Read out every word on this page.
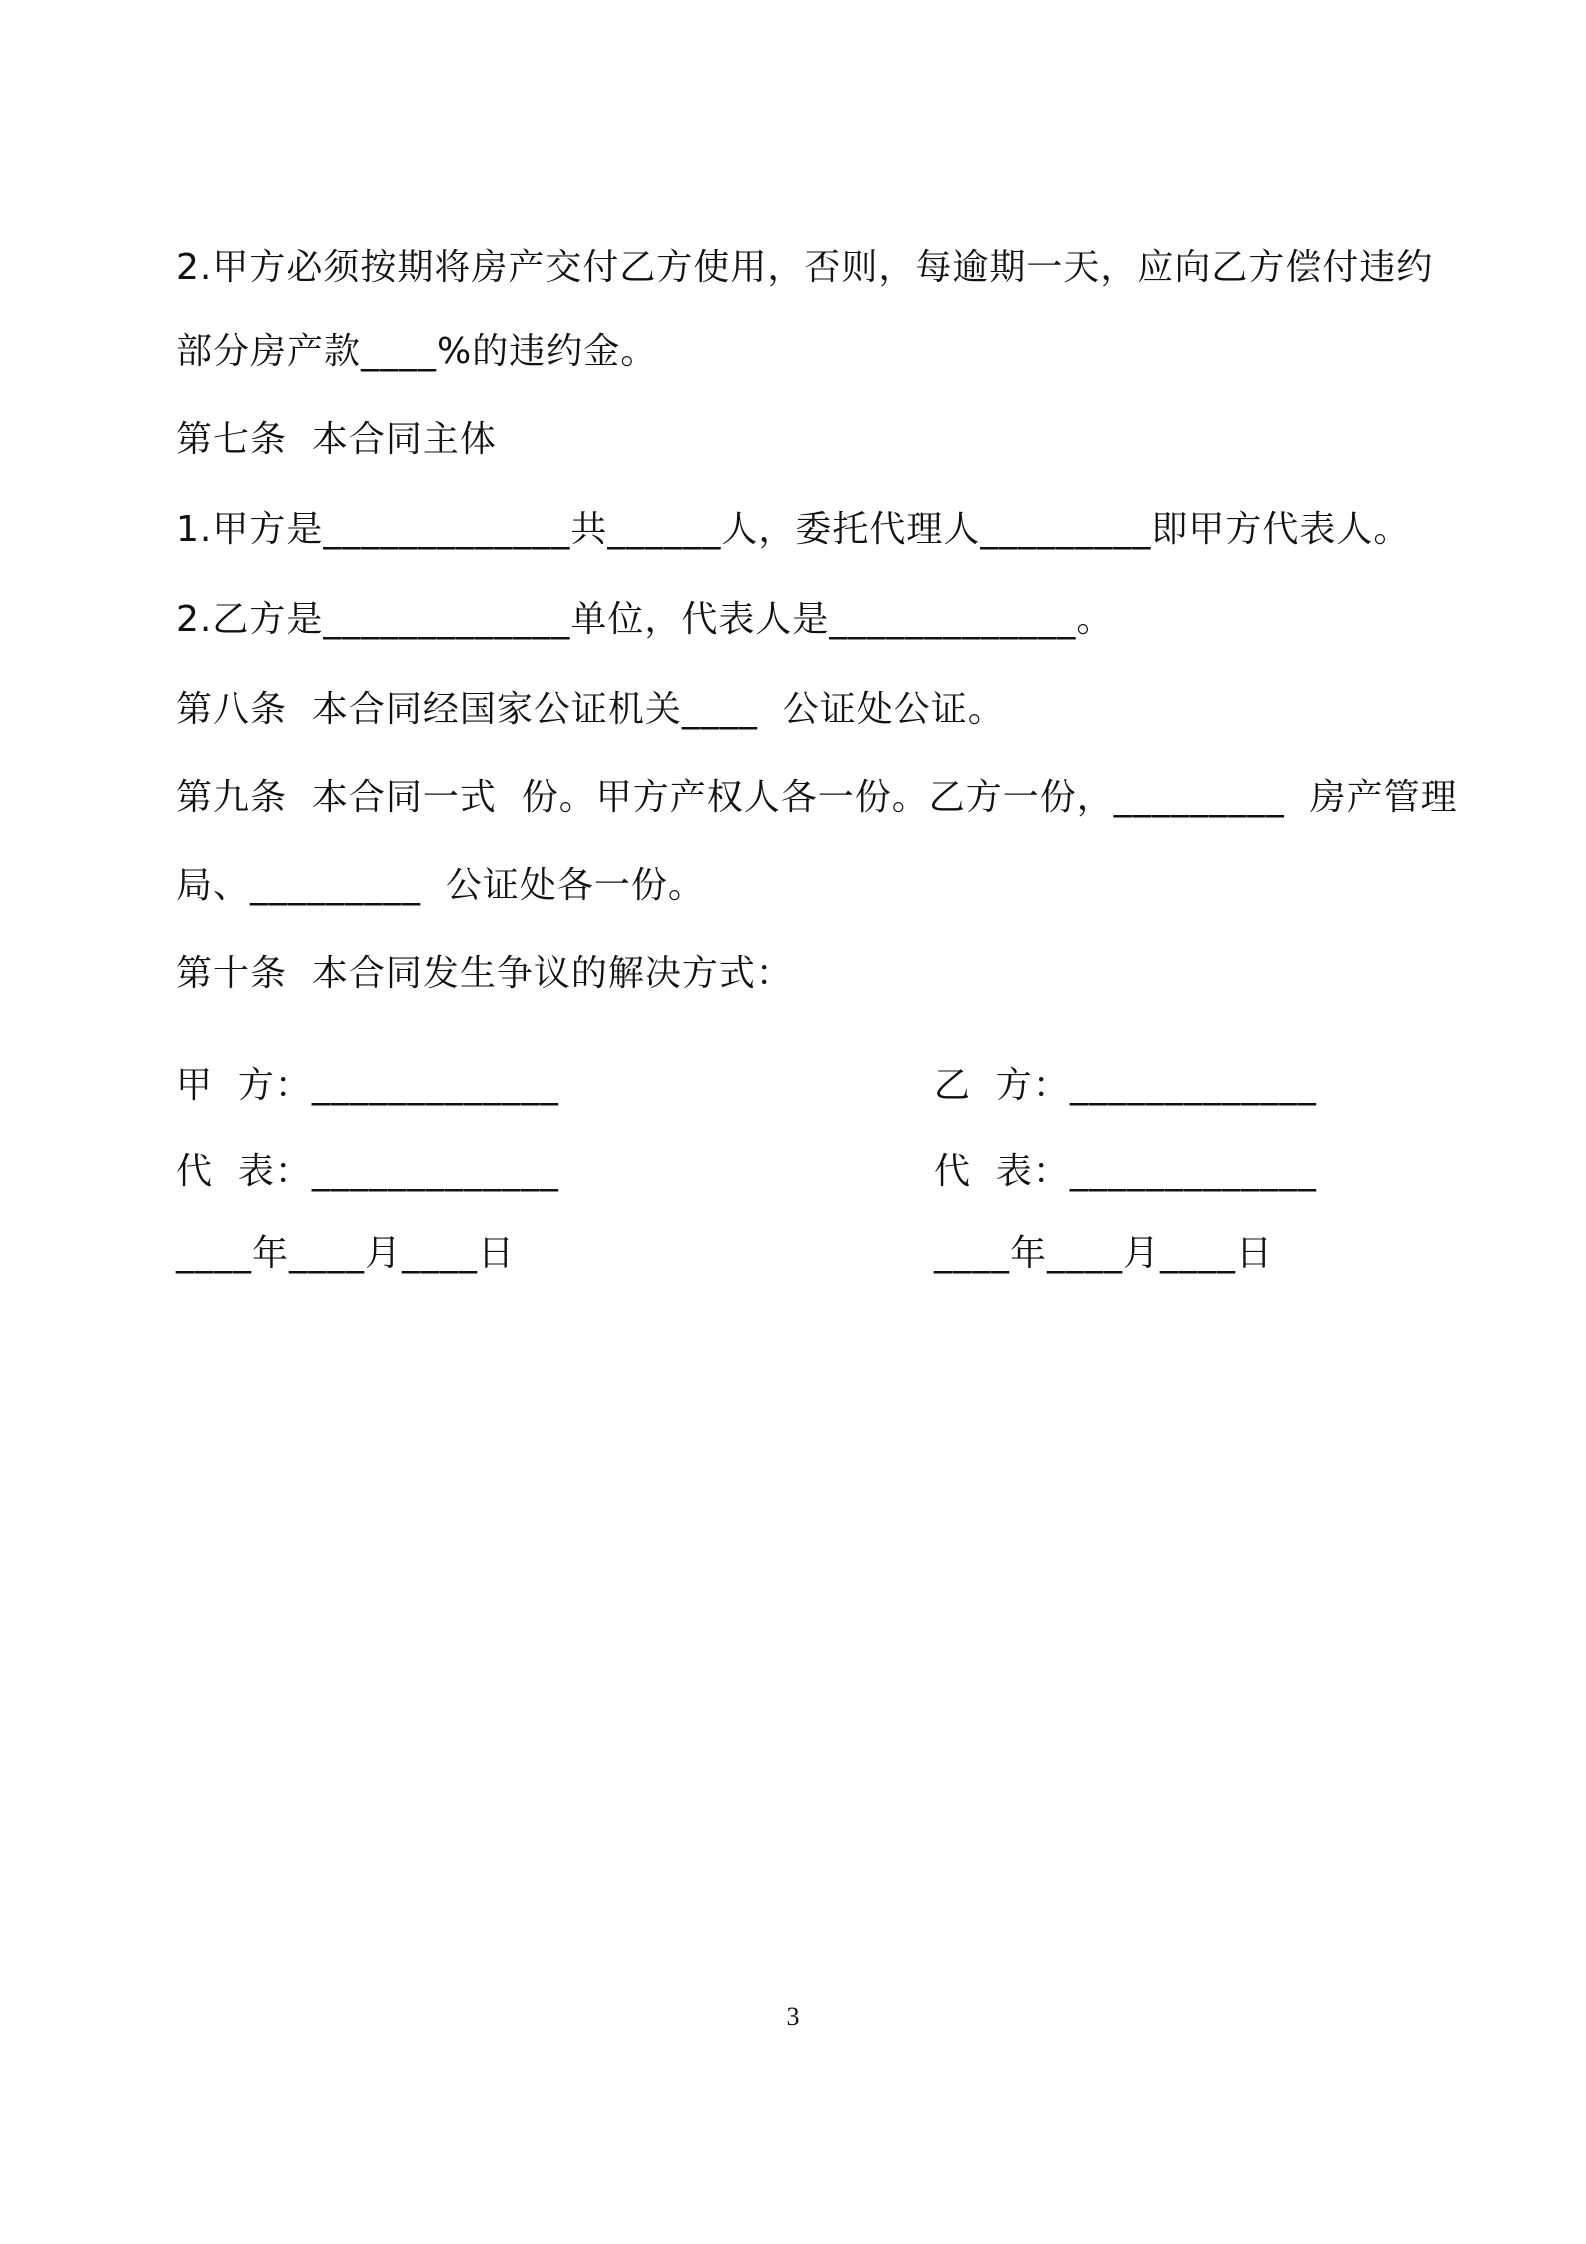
2.甲方必须按期将房产交付乙方使用，否则，每逾期一天，应向乙方偿付违约
部分房产款____%的违约金。
第七条  本合同主体
1.甲方是_____________共______人，委托代理人_________即甲方代表人。
2.乙方是_____________单位，代表人是_____________。
第八条  本合同经国家公证机关____  公证处公证。
第九条  本合同一式  份。甲方产权人各一份。乙方一份，_________  房产管理
局、_________  公证处各一份。
第十条  本合同发生争议的解决方式：
甲  方：_____________
代  表：_____________
____年____月____日
乙  方：_____________
代  表：_____________
____年____月____日
3
